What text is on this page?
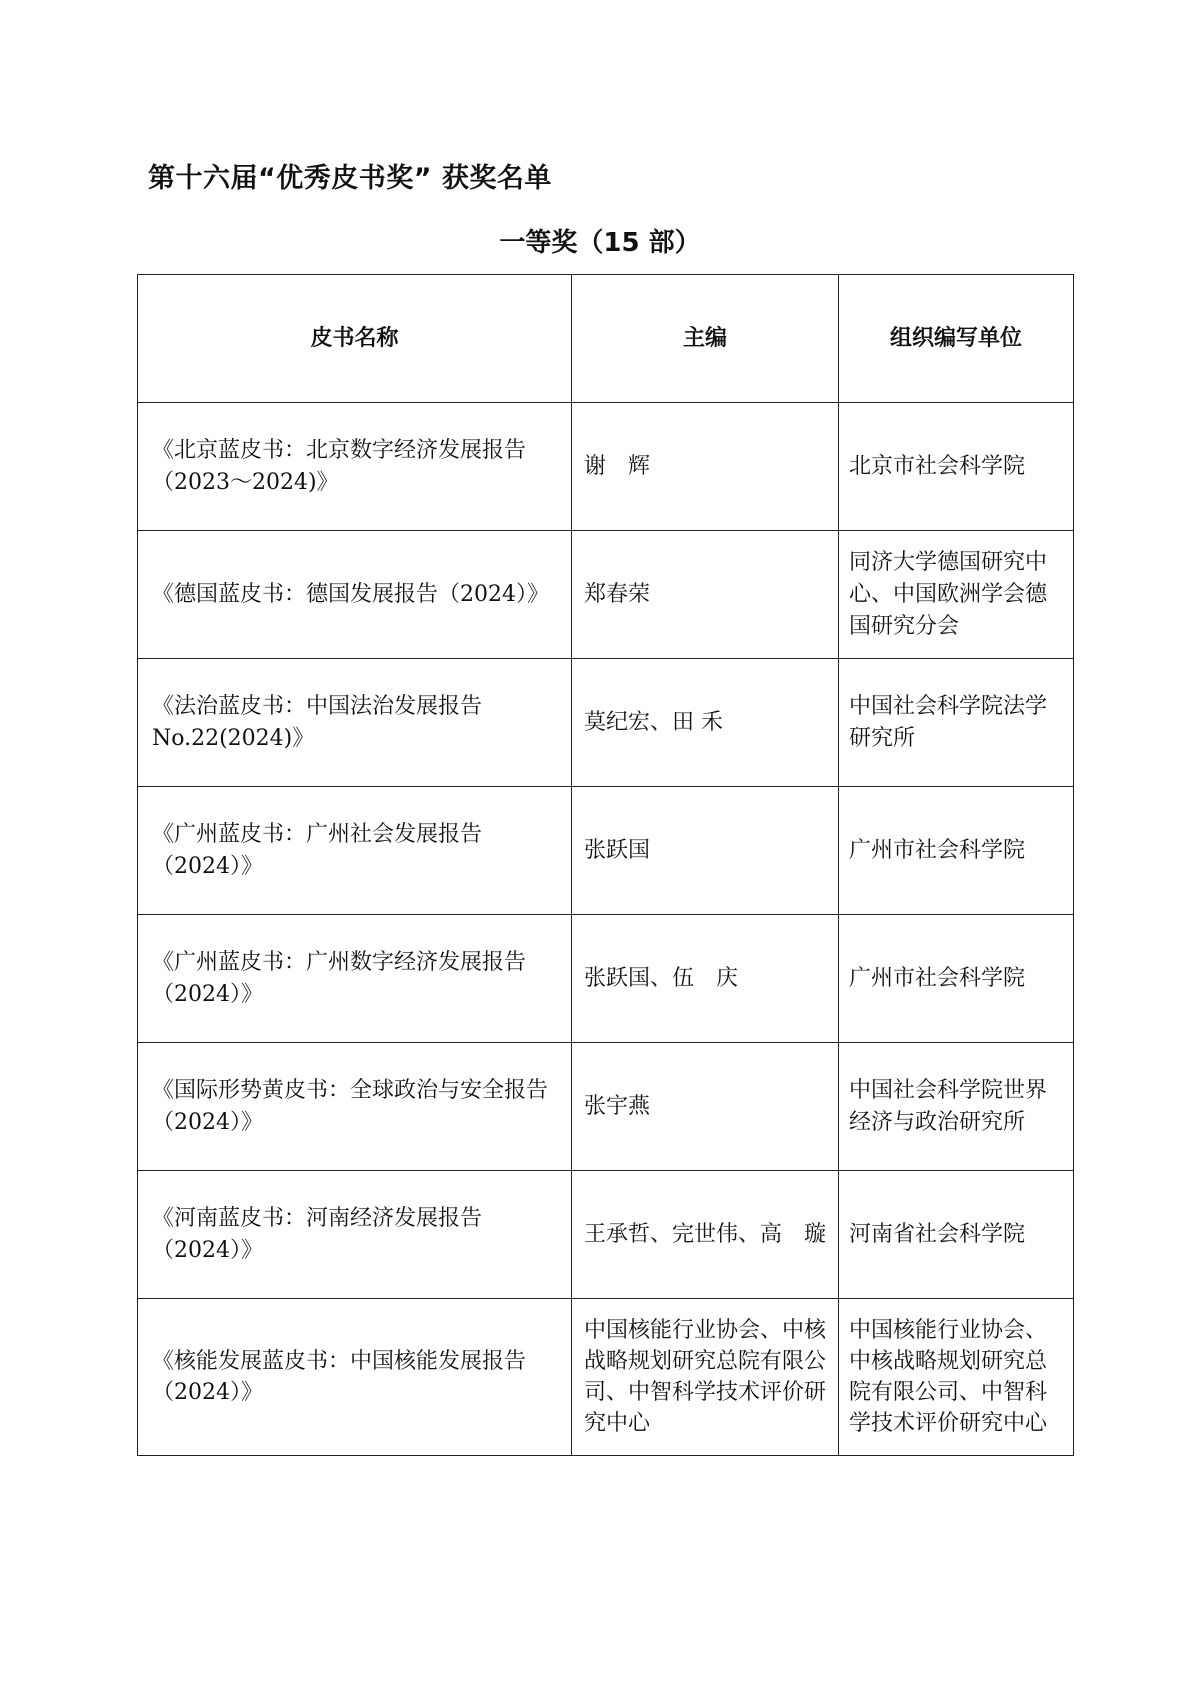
第十六届“优秀皮书奖” 获奖名单
一等奖（15 部）
皮书名称	主编	组织编写单位
《北京蓝皮书：北京数字经济发展报告（2023～2024)》	谢　辉	北京市社会科学院
《德国蓝皮书：德国发展报告（2024）》	郑春荣	同济大学德国研究中心、中国欧洲学会德国研究分会
《法治蓝皮书：中国法治发展报告 No.22(2024)》	莫纪宏、田 禾	中国社会科学院法学研究所
《广州蓝皮书：广州社会发展报告（2024）》	张跃国	广州市社会科学院
《广州蓝皮书：广州数字经济发展报告（2024）》	张跃国、伍　庆	广州市社会科学院
《国际形势黄皮书：全球政治与安全报告（2024）》	张宇燕	中国社会科学院世界经济与政治研究所
《河南蓝皮书：河南经济发展报告（2024）》	王承哲、完世伟、高　璇	河南省社会科学院
《核能发展蓝皮书：中国核能发展报告（2024）》	中国核能行业协会、中核战略规划研究总院有限公司、中智科学技术评价研究中心	中国核能行业协会、中核战略规划研究总院有限公司、中智科学技术评价研究中心
